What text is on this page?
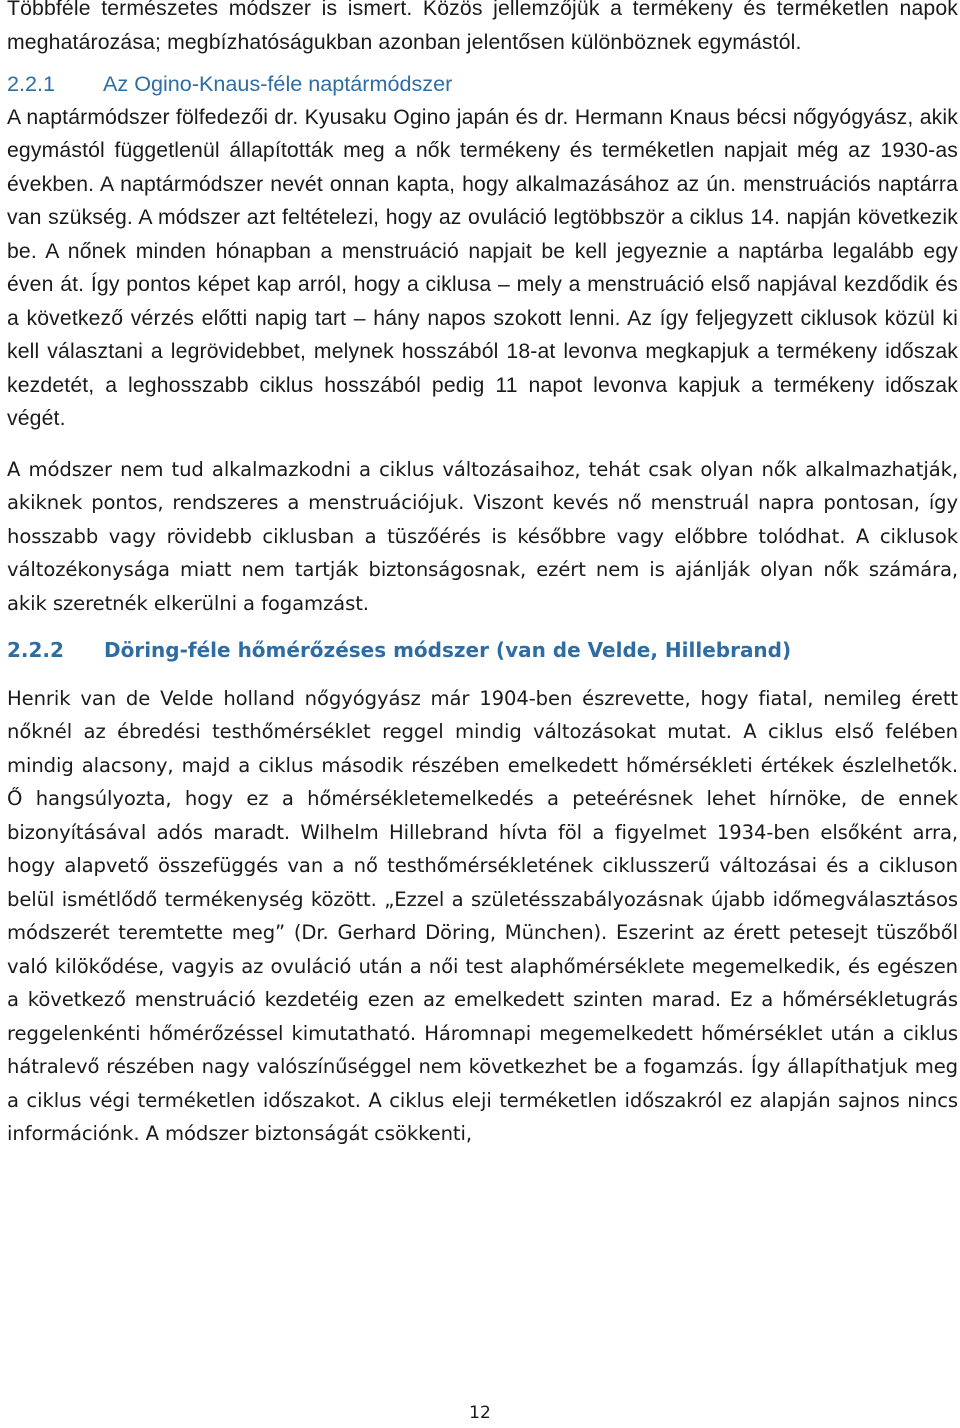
Többféle természetes módszer is ismert. Közös jellemzőjük a termékeny és terméketlen napok meghatározása; megbízhatóságukban azonban jelentősen különböznek egymástól.

2.2.1	Az Ogino-Knaus-féle naptármódszer

A naptármódszer fölfedezői dr. Kyusaku Ogino japán és dr. Hermann Knaus bécsi nőgyógyász, akik egymástól függetlenül állapították meg a nők termékeny és terméketlen napjait még az 1930-as években. A naptármódszer nevét onnan kapta, hogy alkalmazásához az ún. menstruációs naptárra van szükség. A módszer azt feltételezi, hogy az ovuláció legtöbbször a ciklus 14. napján következik be. A nőnek minden hónapban a menstruáció napjait be kell jegyeznie a naptárba legalább egy éven át. Így pontos képet kap arról, hogy a ciklusa – mely a menstruáció első napjával kezdődik és a következő vérzés előtti napig tart – hány napos szokott lenni. Az így feljegyzett ciklusok közül ki kell választani a legrövidebbet, melynek hosszából 18-at levonva megkapjuk a termékeny időszak kezdetét, a leghosszabb ciklus hosszából pedig 11 napot levonva kapjuk a termékeny időszak végét.

A módszer nem tud alkalmazkodni a ciklus változásaihoz, tehát csak olyan nők alkalmazhatják, akiknek pontos, rendszeres a menstruációjuk. Viszont kevés nő menstruál napra pontosan, így hosszabb vagy rövidebb ciklusban a tüszőérés is későbbre vagy előbbre tolódhat. A ciklusok változékonysága miatt nem tartják biztonságosnak, ezért nem is ajánlják olyan nők számára, akik szeretnék elkerülni a fogamzást.

2.2.2	Döring-féle hőmérőzéses módszer (van de Velde, Hillebrand)

Henrik van de Velde holland nőgyógyász már 1904-ben észrevette, hogy fiatal, nemileg érett nőknél az ébredési testhőmérséklet reggel mindig változásokat mutat. A ciklus első felében mindig alacsony, majd a ciklus második részében emelkedett hőmérsékleti értékek észlelhetők. Ő hangsúlyozta, hogy ez a hőmérsékletemelkedés a peteérésnek lehet hírnöke, de ennek bizonyításával adós maradt. Wilhelm Hillebrand hívta föl a figyelmet 1934-ben elsőként arra, hogy alapvető összefüggés van a nő testhőmérsékletének ciklusszerű változásai és a cikluson belül ismétlődő termékenység között. „Ezzel a születésszabályozásnak újabb időmegválasztásos módszerét teremtette meg” (Dr. Gerhard Döring, München). Eszerint az érett petesejt tüszőből való kilökődése, vagyis az ovuláció után a női test alaphőmérséklete megemelkedik, és egészen a következő menstruáció kezdetéig ezen az emelkedett szinten marad. Ez a hőmérsékletugrás reggelenkénti hőmérőzéssel kimutatható. Háromnapi megemelkedett hőmérséklet után a ciklus hátralevő részében nagy valószínűséggel nem következhet be a fogamzás. Így állapíthatjuk meg a ciklus végi terméketlen időszakot. A ciklus eleji terméketlen időszakról ez alapján sajnos nincs információnk. A módszer biztonságát csökkenti,

12
